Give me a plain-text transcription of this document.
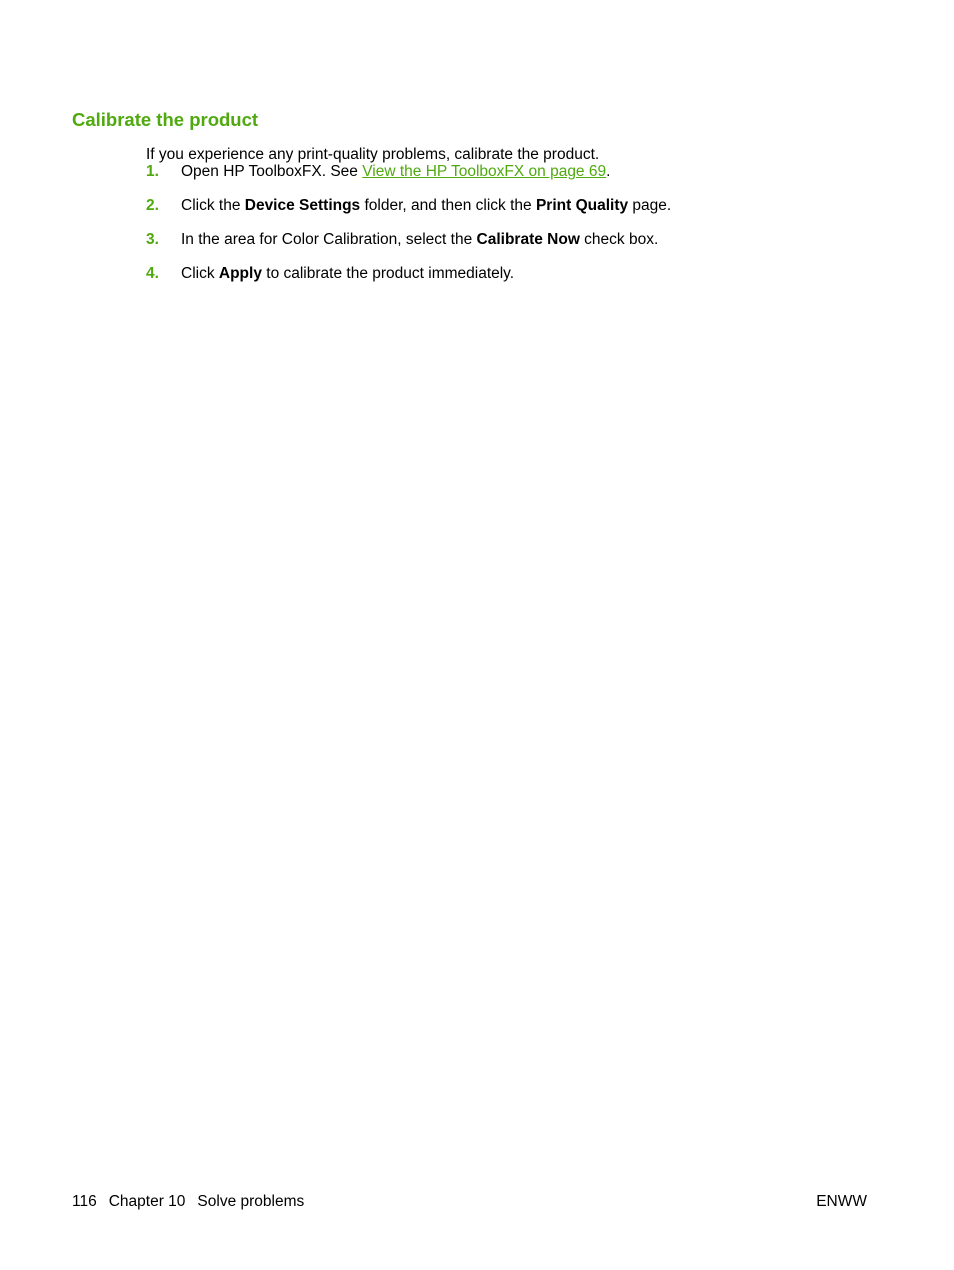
Calibrate the product

If you experience any print-quality problems, calibrate the product.

1. Open HP ToolboxFX. See View the HP ToolboxFX on page 69.
2. Click the Device Settings folder, and then click the Print Quality page.
3. In the area for Color Calibration, select the Calibrate Now check box.
4. Click Apply to calibrate the product immediately.
116 Chapter 10 Solve problems	ENWW
